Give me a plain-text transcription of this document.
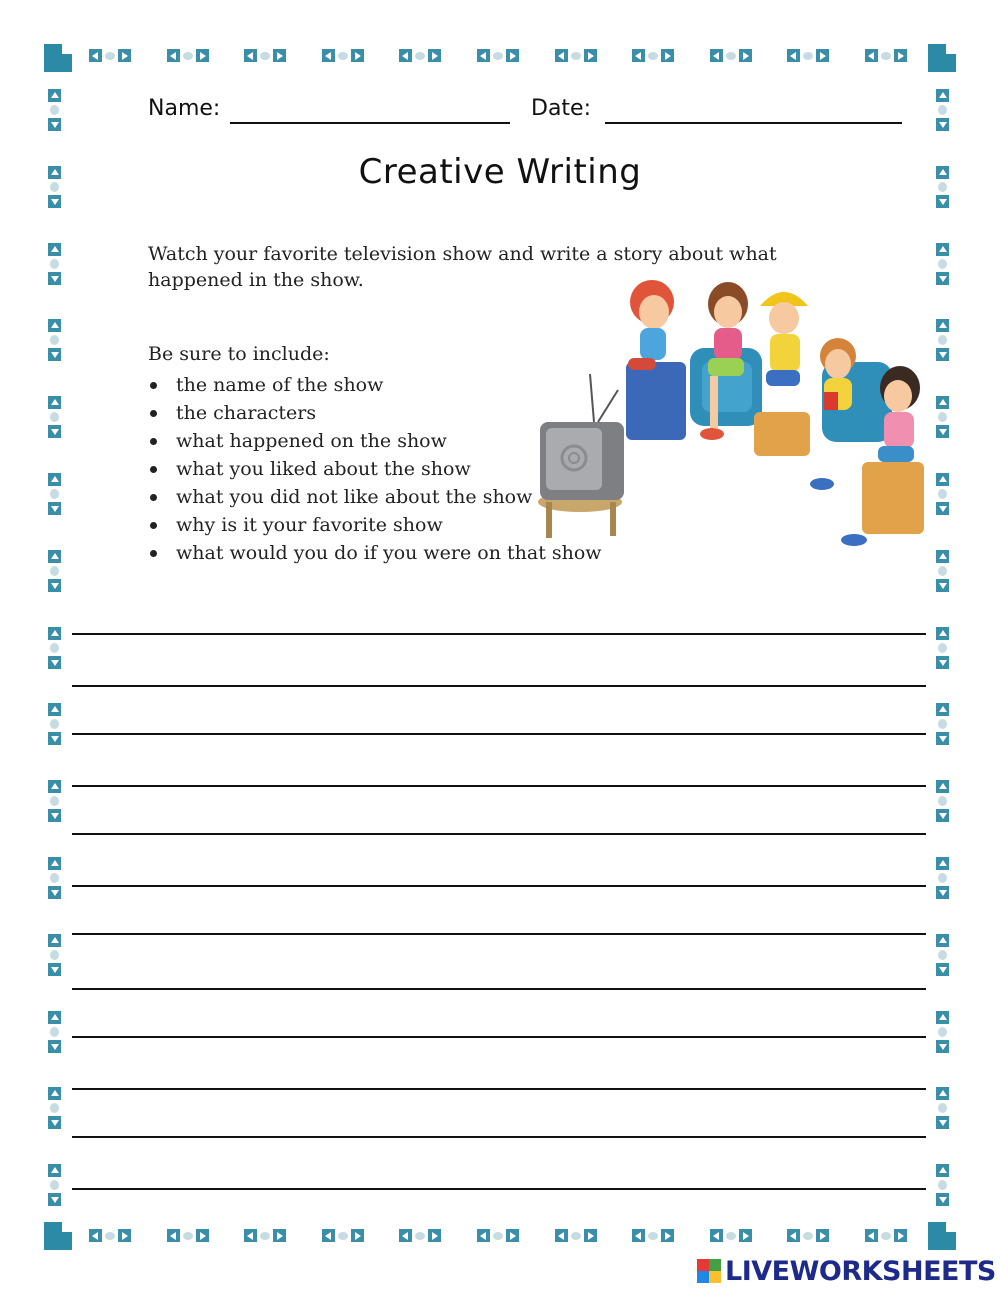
Name:	Date:
Creative Writing

Watch your favorite television show and write a story about what happened in the show.

Be sure to include:

the name of the show
the characters
what happened on the show
what you liked about the show
what you did not like about the show
why is it your favorite show
what would you do if you were on that show
LIVEWORKSHEETS
